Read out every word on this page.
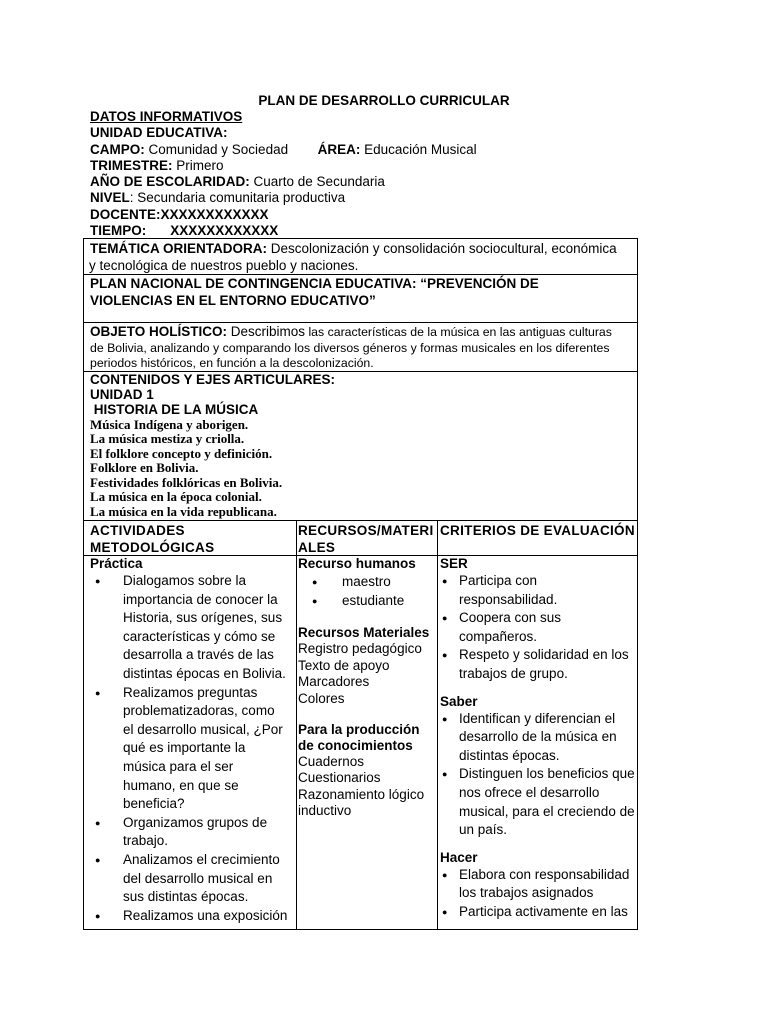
PLAN DE DESARROLLO CURRICULAR
DATOS INFORMATIVOS
UNIDAD EDUCATIVA:
CAMPO: Comunidad y Sociedad ÁREA: Educación Musical
TRIMESTRE: Primero
AÑO DE ESCOLARIDAD: Cuarto de Secundaria
NIVEL: Secundaria comunitaria productiva
DOCENTE:XXXXXXXXXXXX
TIEMPO: XXXXXXXXXXXX
TEMÁTICA ORIENTADORA: Descolonización y consolidación sociocultural, económica
y tecnológica de nuestros pueblo y naciones.
PLAN NACIONAL DE CONTINGENCIA EDUCATIVA: “PREVENCIÓN DE
VIOLENCIAS EN EL ENTORNO EDUCATIVO”
OBJETO HOLÍSTICO: Describimos las características de la música en las antiguas culturas
de Bolivia, analizando y comparando los diversos géneros y formas musicales en los diferentes
periodos históricos, en función a la descolonización.
CONTENIDOS Y EJES ARTICULARES:
UNIDAD 1
HISTORIA DE LA MÚSICA
Música Indígena y aborigen.
La música mestiza y criolla.
El folklore concepto y definición.
Folklore en Bolivia.
Festividades folklóricas en Bolivia.
La música en la época colonial.
La música en la vida republicana.
ACTIVIDADES
METODOLÓGICAS
RECURSOS/MATERI
ALES
CRITERIOS DE EVALUACIÓN
Práctica
● Dialogamos sobre la
importancia de conocer la
Historia, sus orígenes, sus
características y cómo se
desarrolla a través de las
distintas épocas en Bolivia.
● Realizamos preguntas
problematizadoras, como
el desarrollo musical, ¿Por
qué es importante la
música para el ser
humano, en que se
beneficia?
● Organizamos grupos de
trabajo.
● Analizamos el crecimiento
del desarrollo musical en
sus distintas épocas.
● Realizamos una exposición
Recurso humanos
● maestro
● estudiante
Recursos Materiales
Registro pedagógico
Texto de apoyo
Marcadores
Colores
Para la producción
de conocimientos
Cuadernos
Cuestionarios
Razonamiento lógico
inductivo
SER
● Participa con
responsabilidad.
● Coopera con sus
compañeros.
● Respeto y solidaridad en los
trabajos de grupo.
Saber
● Identifican y diferencian el
desarrollo de la música en
distintas épocas.
● Distinguen los beneficios que
nos ofrece el desarrollo
musical, para el creciendo de
un país.
Hacer
● Elabora con responsabilidad
los trabajos asignados
● Participa activamente en las
